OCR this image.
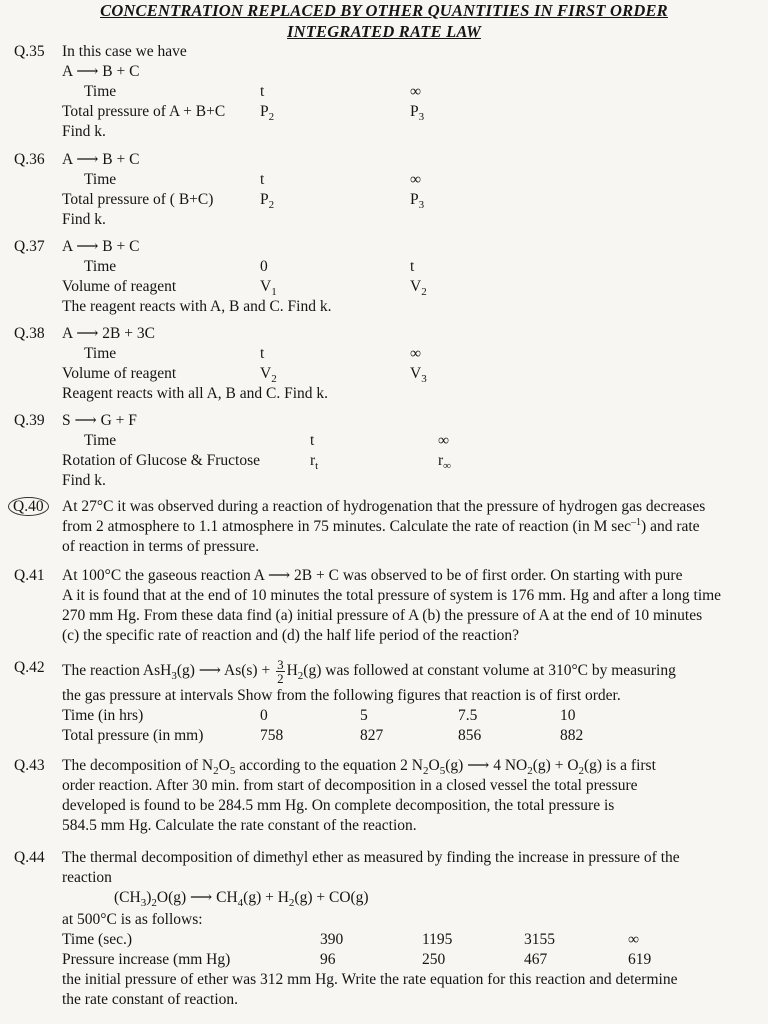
CONCENTRATION REPLACED BY OTHER QUANTITIES IN FIRST ORDER
INTEGRATED RATE LAW
Q.35 In this case we have
A ⟶ B + C
Time	t	∞
Total pressure of A + B+C $P_2$	$P_3$
Find k.
Q.36 A ⟶ B + C
Time	t	∞
Total pressure of ( B+C)	$P_2$	$P_3$
Find k.
Q.37 A ⟶ B + C
Time	0	t
Volume of reagent	$V_1$	$V_2$
The reagent reacts with A, B and C. Find k.
Q.38 A ⟶ 2B + 3C
Time	t	∞
Volume of reagent	$V_2$	$V_3$
Reagent reacts with all A, B and C. Find k.
Q.39 S ⟶ G + F
Time	t	∞
Rotation of Glucose & Fructose	$r_t$	$r_\infty$
Find k.
Q.40	At 27°C it was observed during a reaction of hydrogenation that the pressure of hydrogen gas decreases
from 2 atmosphere to 1.1 atmosphere in 75 minutes. Calculate the rate of reaction (in M $\sec^{-1}$) and rate
of reaction in terms of pressure.
Q.41 At 100°C the gaseous reaction A ⟶ 2B + C was observed to be of first order. On starting with pure
A it is found that at the end of 10 minutes the total pressure of system is 176 mm. Hg and after a long time
270 mm Hg. From these data find (a) initial pressure of A (b) the pressure of A at the end of 10 minutes
(c) the specific rate of reaction and (d) the half life period of the reaction?
Q.42 The reaction AsH$_3$(g) ⟶ $As(s) + \frac{3}{2} H_2(g)$ was followed at constant volume at 310°C by measuring
the gas pressure at intervals Show from the following figures that reaction is of first order.
Time (in hrs)	0	5	7.5	10
Total pressure (in mm)	758	827	856	882
Q.43 The decomposition of $N_2O_5$ according to the equation 2 $N_2O_5(g)$ ⟶ 4 $NO_2(g) + O_2(g)$ is a first
order reaction. After 30 min. from start of decomposition in a closed vessel the total pressure
developed is found to be 284.5 mm Hg. On complete decomposition, the total pressure is
584.5 mm Hg. Calculate the rate constant of the reaction.
Q.44 The thermal decomposition of dimethyl ether as measured by finding the increase in pressure of the
reaction
$(CH_3)_2O(g)$ ⟶ $CH_4(g) + H_2(g) + CO(g)$
at 500°C is as follows:
Time (sec.)	390	1195	3155	∞
Pressure increase (mm Hg)	96	250	467	619
the initial pressure of ether was 312 mm Hg. Write the rate equation for this reaction and determine
the rate constant of reaction.
